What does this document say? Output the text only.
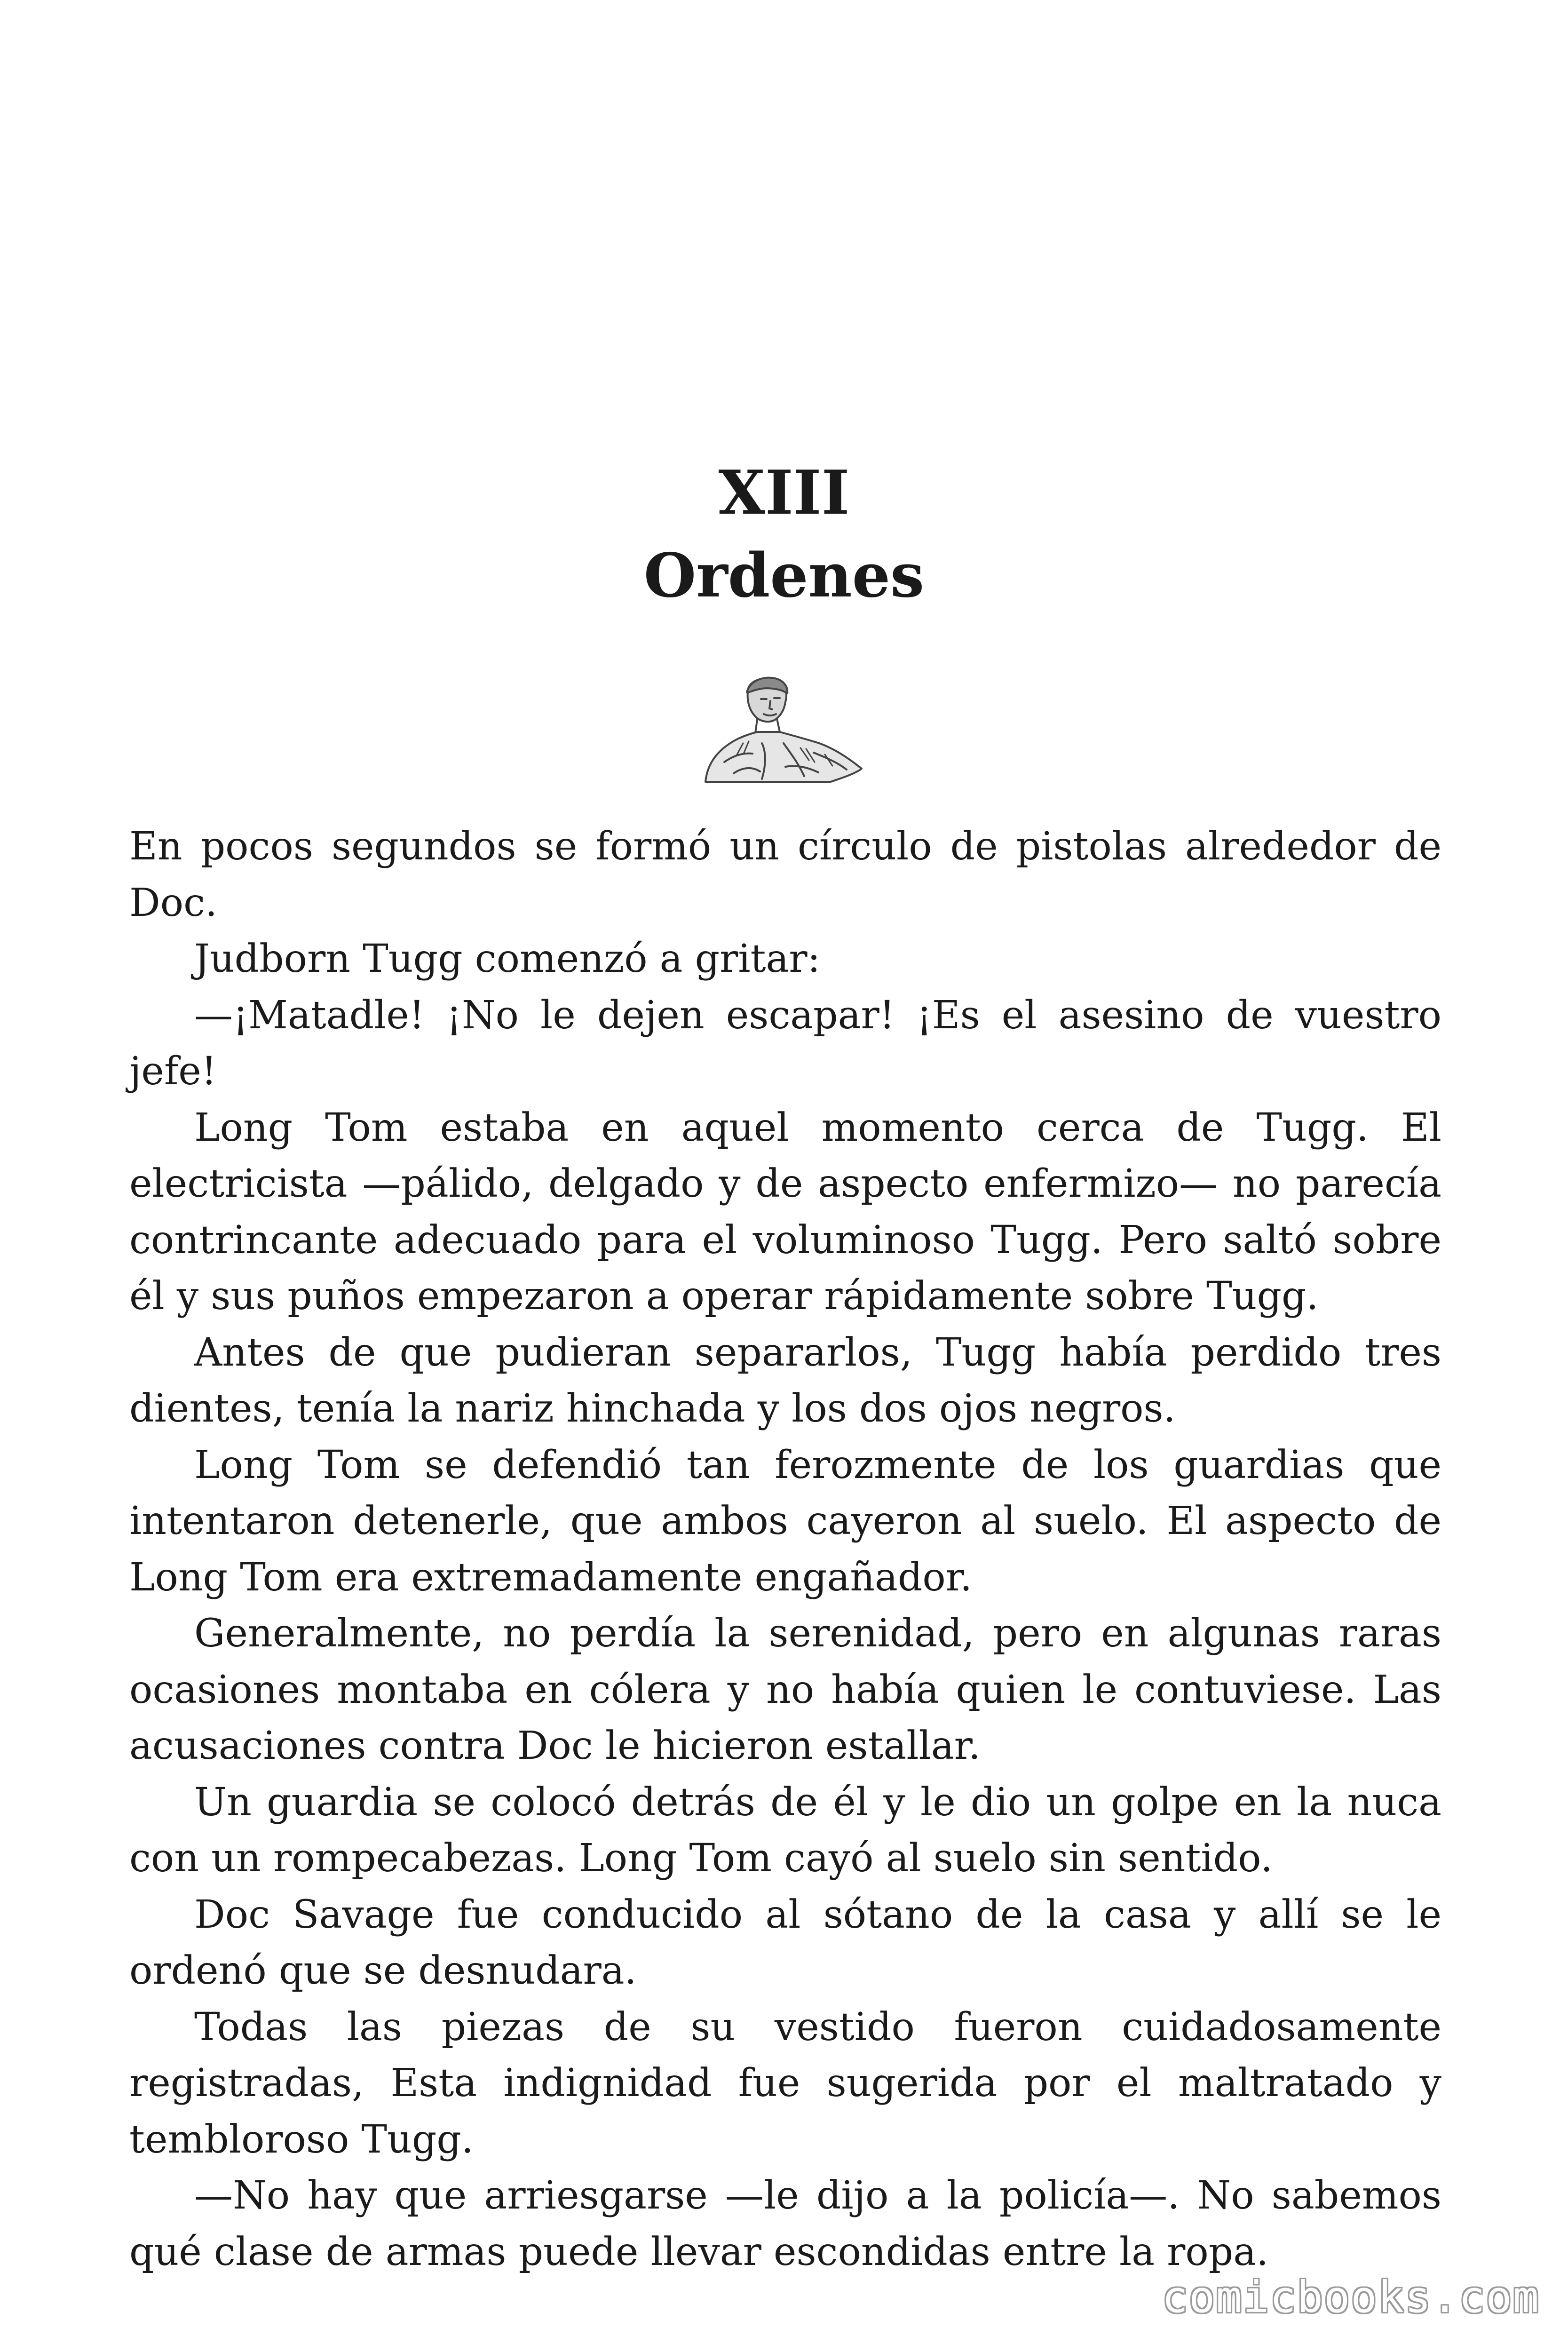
XIII
Ordenes

En pocos segundos se formó un círculo de pistolas alrededor de Doc.

Judborn Tugg comenzó a gritar:

—¡Matadle! ¡No le dejen escapar! ¡Es el asesino de vuestro jefe!

Long Tom estaba en aquel momento cerca de Tugg. El electricista —pálido, delgado y de aspecto enfermizo— no parecía contrincante adecuado para el voluminoso Tugg. Pero saltó sobre él y sus puños empezaron a operar rápidamente sobre Tugg.

Antes de que pudieran separarlos, Tugg había perdido tres dientes, tenía la nariz hinchada y los dos ojos negros.

Long Tom se defendió tan ferozmente de los guardias que intentaron detenerle, que ambos cayeron al suelo. El aspecto de Long Tom era extremadamente engañador.

Generalmente, no perdía la serenidad, pero en algunas raras ocasiones montaba en cólera y no había quien le contuviese. Las acusaciones contra Doc le hicieron estallar.

Un guardia se colocó detrás de él y le dio un golpe en la nuca con un rompecabezas. Long Tom cayó al suelo sin sentido.

Doc Savage fue conducido al sótano de la casa y allí se le ordenó que se desnudara.

Todas las piezas de su vestido fueron cuidadosamente registradas, Esta indignidad fue sugerida por el maltratado y tembloroso Tugg.

—No hay que arriesgarse —le dijo a la policía—. No sabemos qué clase de armas puede llevar escondidas entre la ropa.

comicbooks.com
